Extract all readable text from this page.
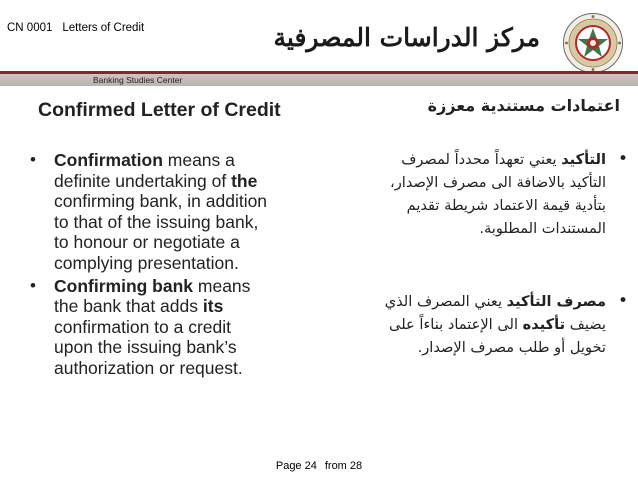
CN 0001 Letters of Credit	مركز الدراسات المصرفية
Banking Studies Center
Confirmed Letter of Credit	اعتمادات مستندية معززة
•	Confirmation means a
definite undertaking of the
confirming bank, in addition
to that of the issuing bank,
to honour or negotiate a
complying presentation.
•	Confirming bank means
the bank that adds its
confirmation to a credit
upon the issuing bank’s
authorization or request.
•
التأكيد يعني تعهداً محدداً لمصرف
التأكيد بالاضافة الى مصرف الإصدار،
بتأدية قيمة الاعتماد شريطة تقديم
المستندات المطلوبة.
•
مصرف التأكيد يعني المصرف الذي
يضيف تأكيده الى الإعتماد بناءاً على
تخويل أو طلب مصرف الإصدار.
Page 24 from 28
